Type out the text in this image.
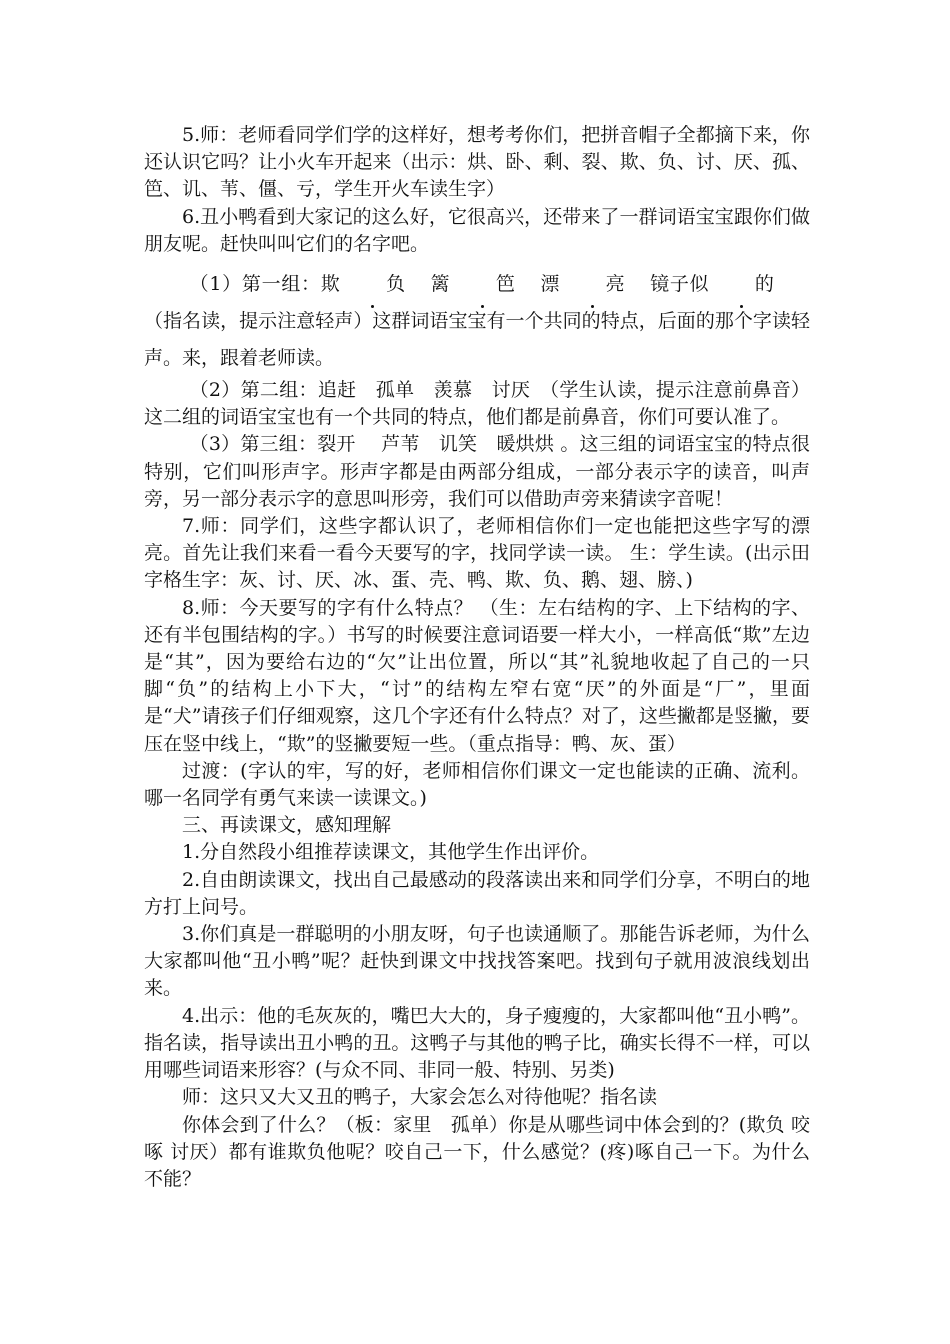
5.师：老师看同学们学的这样好，想考考你们，把拼音帽子全都摘下来，你还认识它吗？让小火车开起来（出示：烘、卧、剩、裂、欺、负、讨、厌、孤、笆、讥、苇、僵、亏，学生开火车读生字）

6.丑小鸭看到大家记的这么好，它很高兴，还带来了一群词语宝宝跟你们做朋友呢。赶快叫叫它们的名字吧。

（1）第一组：欺 负 篱 笆 漂 亮 镜子似 的（指名读，提示注意轻声）这群词语宝宝有一个共同的特点，后面的那个字读轻声。来，跟着老师读。

（2）第二组：追赶　孤单　羡慕　讨厌　（学生认读，提示注意前鼻音）这二组的词语宝宝也有一个共同的特点，他们都是前鼻音，你们可要认准了。

（3）第三组：裂开　 芦苇　讥笑　暖烘烘 。这三组的词语宝宝的特点很特别，它们叫形声字。形声字都是由两部分组成，一部分表示字的读音，叫声旁，另一部分表示字的意思叫形旁，我们可以借助声旁来猜读字音呢！

7.师：同学们，这些字都认识了，老师相信你们一定也能把这些字写的漂亮。首先让我们来看一看今天要写的字，找同学读一读。 生：学生读。(出示田字格生字：灰、讨、厌、冰、蛋、壳、鸭、欺、负、鹅、翅、膀、)

8.师：今天要写的字有什么特点？ （生：左右结构的字、上下结构的字、还有半包围结构的字。）书写的时候要注意词语要一样大小，一样高低“欺”左边是“其”，因为要给右边的“欠”让出位置，所以“其”礼貌地收起了自己的一只脚“负”的结构上小下大，“讨”的结构左窄右宽“厌”的外面是“厂”，里面是“犬”请孩子们仔细观察，这几个字还有什么特点？对了，这些撇都是竖撇，要压在竖中线上，“欺”的竖撇要短一些。（重点指导：鸭、灰、蛋）

过渡：(字认的牢，写的好，老师相信你们课文一定也能读的正确、流利。哪一名同学有勇气来读一读课文。)

三、再读课文，感知理解

1.分自然段小组推荐读课文，其他学生作出评价。

2.自由朗读课文，找出自己最感动的段落读出来和同学们分享，不明白的地方打上问号。

3.你们真是一群聪明的小朋友呀，句子也读通顺了。那能告诉老师，为什么大家都叫他“丑小鸭”呢？赶快到课文中找找答案吧。找到句子就用波浪线划出来。

4.出示：他的毛灰灰的，嘴巴大大的，身子瘦瘦的，大家都叫他“丑小鸭”。指名读，指导读出丑小鸭的丑。这鸭子与其他的鸭子比，确实长得不一样，可以用哪些词语来形容？(与众不同、非同一般、特别、另类)

师：这只又大又丑的鸭子，大家会怎么对待他呢？指名读

你体会到了什么？（板：家里　孤单）你是从哪些词中体会到的？(欺负 咬 啄 讨厌）都有谁欺负他呢？咬自己一下，什么感觉？(疼)啄自己一下。为什么不能？
